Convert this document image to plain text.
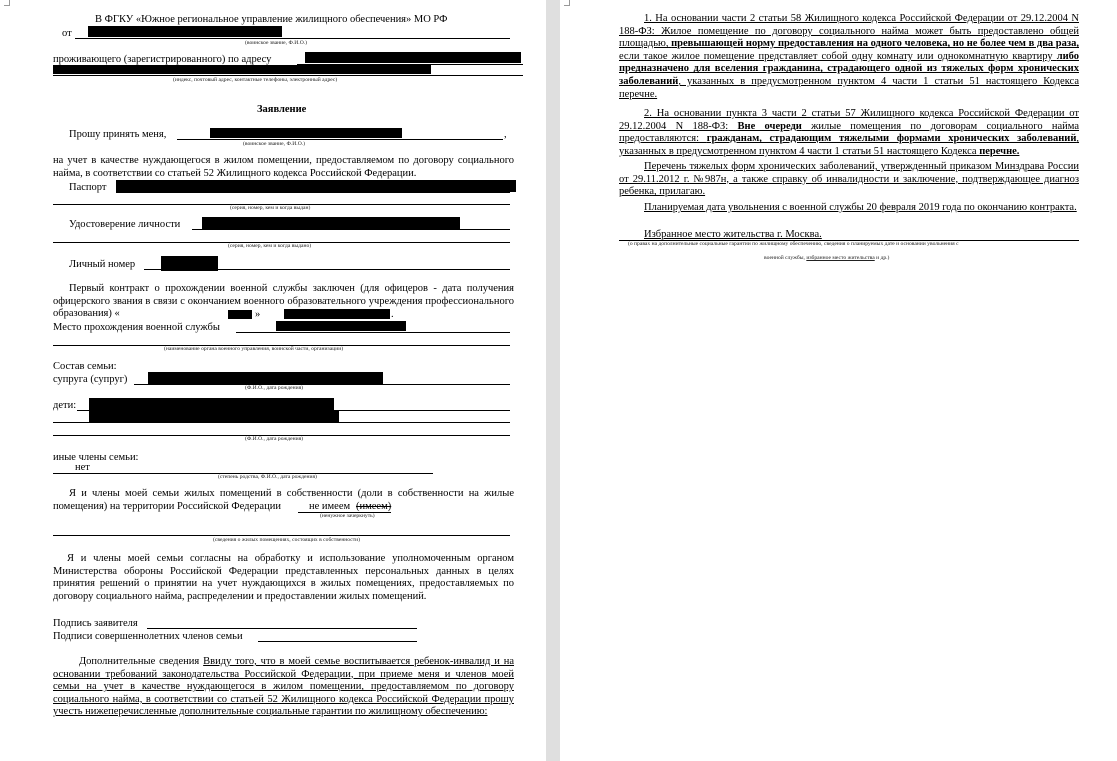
В ФГКУ «Южное региональное управление жилищного обеспечения» МО РФ
от
(воинское звание, Ф.И.О.)
проживающего (зарегистрированного) по адресу
(индекс, почтовый адрес, контактные телефоны, электронный адрес)
Заявление
Прошу принять меня,	,
(воинское звание, Ф.И.О.)
на учет в качестве нуждающегося в жилом помещении, предоставляемом по договору социального найма, в соответствии со статьей 52 Жилищного кодекса Российской Федерации.
Паспорт
(серия, номер, кем и когда выдан)
Удостоверение личности
(серия, номер, кем и когда выдано)
Личный номер
Первый контракт о прохождении военной службы заключен (для офицеров - дата получения офицерского звания в связи с окончанием военного образовательного учреждения профессионального образования) «	»	.
Место прохождения военной службы
(наименование органа военного управления, воинской части, организации)
Состав семьи:
супруга (супруг)
(Ф.И.О., дата рождения)
дети:
(Ф.И.О., дата рождения)
иные члены семьи:
нет
(степень родства, Ф.И.О., дата рождения)
Я и члены моей семьи жилых помещений в собственности (доли в собственности на жилые помещения) на территории Российской Федерации	не имеем (имеем)
(ненужное зачеркнуть)
(сведения о жилых помещениях, состоящих в собственности)
Я и члены моей семьи согласны на обработку и использование уполномоченным органом Министерства обороны Российской Федерации представленных персональных данных в целях принятия решений о принятии на учет нуждающихся в жилых помещениях, предоставляемых по договору социального найма, распределении и предоставлении жилых помещений.
Подпись заявителя
Подписи совершеннолетних членов семьи
Дополнительные сведения Ввиду того, что в моей семье воспитывается ребенок-инвалид и на основании требований законодательства Российской Федерации, при приеме меня и членов моей семьи на учет в качестве нуждающегося в жилом помещении, предоставляемом по договору социального найма, в соответствии со статьей 52 Жилищного кодекса Российской Федерации прошу учесть нижеперечисленные дополнительные социальные гарантии по жилищному обеспечению:
1. На основании части 2 статьи 58 Жилищного кодекса Российской Федерации от 29.12.2004 N 188-ФЗ: Жилое помещение по договору социального найма может быть предоставлено общей площадью, превышающей норму предоставления на одного человека, но не более чем в два раза, если такое жилое помещение представляет собой одну комнату или однокомнатную квартиру либо предназначено для вселения гражданина, страдающего одной из тяжелых форм хронических заболеваний, указанных в предусмотренном пунктом 4 части 1 статьи 51 настоящего Кодекса перечне.
2. На основании пункта 3 части 2 статьи 57 Жилищного кодекса Российской Федерации от 29.12.2004 N 188-ФЗ: Вне очереди жилые помещения по договорам социального найма предоставляются: гражданам, страдающим тяжелыми формами хронических заболеваний, указанных в предусмотренном пунктом 4 части 1 статьи 51 настоящего Кодекса перечне.
Перечень тяжелых форм хронических заболеваний, утвержденный приказом Минздрава России от 29.11.2012 г. №987н, а также справку об инвалидности и заключение, подтверждающее диагноз ребенка, прилагаю.
Планируемая дата увольнения с военной службы 20 февраля 2019 года по окончанию контракта.
Избранное место жительства г. Москва.
(о правах на дополнительные социальные гарантии по жилищному обеспечению, сведения о планируемых дате и основании увольнения с
военной службы, избранное место жительства и др.)
